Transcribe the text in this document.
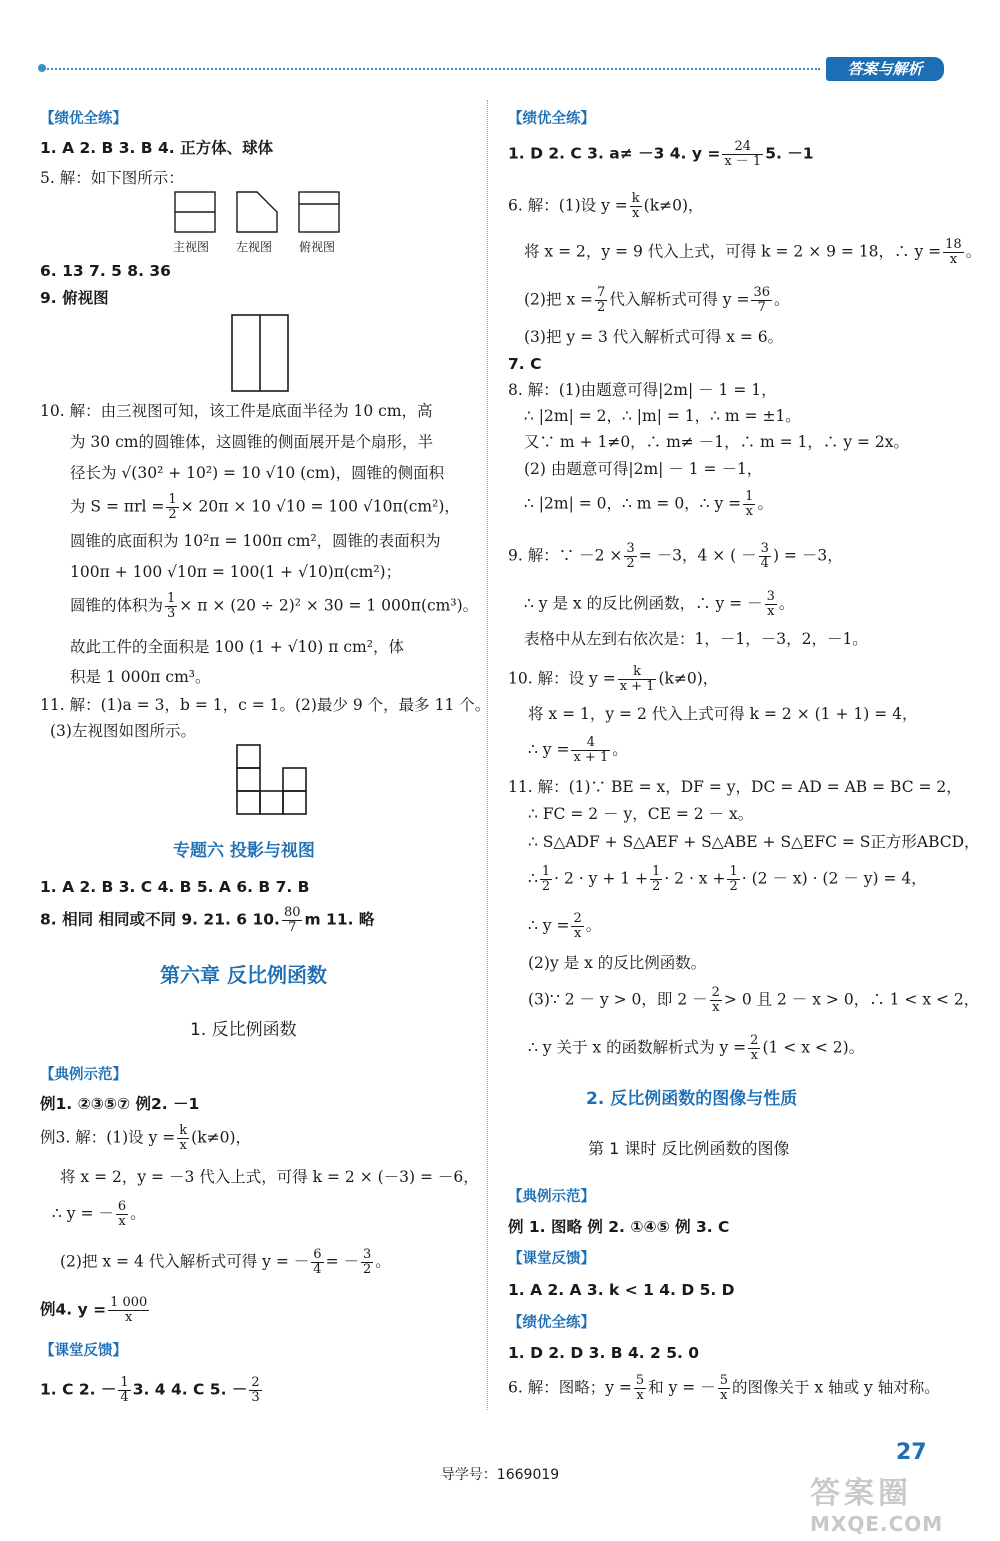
答案与解析
【绩优全练】
1. A 2. B 3. B 4. 正方体、球体
5. 解：如下图所示：
主视图 左视图 俯视图
6. 13 7. 5 8. 36
9. 俯视图
10. 解：由三视图可知，该工件是底面半径为 10 cm，高
为 30 cm的圆锥体，这圆锥的侧面展开是个扇形，半
径长为 √(30² + 10²) = 10 √10 (cm)，圆锥的侧面积
为 $S = \pi rl = \frac{1}{2} \times 20\pi \times 10$ √10 = 100 √10π(cm²)，
圆锥的底面积为 10²π = 100π cm²，圆锥的表面积为
100π + 100 √10π = 100(1 + √10)π(cm²)；
圆锥的体积为 $\frac{1}{3} \times \pi \times (20 \div 2)^2 \times 30 = 1$ 000π(cm³)。
故此工件的全面积是 100 (1 + √10) π cm²，体
积是 1 000π cm³。
11. 解：(1)a = 3，b = 1，c = 1。(2)最少 9 个，最多 11 个。
(3)左视图如图所示。
专题六 投影与视图
1. A 2. B 3. C 4. B 5. A 6. B 7. B
8. 相同 相同或不同 9. 21. 6 10. $\frac{80}{7}$ m 11. 略
第六章 反比例函数
1. 反比例函数
【典例示范】
例1. ②③⑤⑦ 例2. －1
例3. 解：(1)设 $y = \frac{k}{x} (k\ne 0)$，
将 x = 2，y = －3 代入上式，可得 k = 2 × (－3) = －6，
∴ y = － $\frac{6}{x}$ 。
(2)把 x = 4 代入解析式可得 y = － $\frac{6}{4}$ = － $\frac{3}{2}$ 。
例4. $y = \frac{1 000}{x}$
【课堂反馈】
1. C 2. － $\frac{1}{4} 3$. 4 4. C 5. － $\frac{2}{3}$
【绩优全练】
1. D 2. C 3. a≠ －3 4. $y = \frac{24}{x - 1} 5$. －1
6. 解：(1)设 $y = \frac{k}{x} (k\ne 0)$，
将 x = 2，y = 9 代入上式，可得 k = 2 × 9 = 18，∴ $y = \frac{18}{x}$ 。
(2)把 $x = \frac{7}{2}$ 代入解析式可得 $y = \frac{36}{7}$ 。
(3)把 y = 3 代入解析式可得 x = 6。
7. C
8. 解：(1)由题意可得|2m| － 1 = 1，
∴ |2m| = 2，∴ |m| = 1，∴ m = ±1。
又∵ m + 1≠0，∴ m≠ －1，∴ m = 1，∴ y = 2x。
(2) 由题意可得|2m| － 1 = －1，
∴ |2m| = 0，∴ m = 0，∴ $y = \frac{1}{x}$ 。
9. 解：∵ $-2 \times \frac{3}{2} = -3$，4 × ( － $\frac{3}{4}$ ) = －3，
∴ y 是 x 的反比例函数，∴ y = － $\frac{3}{x}$ 。
表格中从左到右依次是：1，－1，－3，2，－1。
10. 解：设 $y = \frac{k}{x + 1} (k\ne 0)$，
将 x = 1，y = 2 代入上式可得 k = 2 × (1 + 1) = 4，
∴ $y = \frac{4}{x + 1}$ 。
11. 解：(1)∵ BE = x，DF = y，DC = AD = AB = BC = 2，
∴ FC = 2 － y，CE = 2 － x。
∴ S△ADF + S△AEF + S△ABE + S△EFC = S正方形ABCD，
∴ $\frac{1}{2} \cdot 2 \cdot y + 1 + \frac{1}{2} \cdot 2 \cdot x + \frac{1}{2} \cdot (2 - x) \cdot (2 - y) = 4$，
∴ $y = \frac{2}{x}$ 。
(2)y 是 x 的反比例函数。
(3)∵ 2 － y > 0，即 $2 - \frac{2}{x} > 0$ 且 2 － x > 0，∴ 1 < x < 2，
∴ y 关于 x 的函数解析式为 $y = \frac{2}{x} (1 < x < 2)$。
2. 反比例函数的图像与性质
第 1 课时 反比例函数的图像
【典例示范】
例 1. 图略 例 2. ①④⑤ 例 3. C
【课堂反馈】
1. A 2. A 3. k < 1 4. D 5. D
【绩优全练】
1. D 2. D 3. B 4. 2 5. 0
6. 解：图略；$y = \frac{5}{x}$ 和 y = － $\frac{5}{x}$ 的图像关于 x 轴或 y 轴对称。
27
导学号：1669019
答案圈
MXQE.COM
